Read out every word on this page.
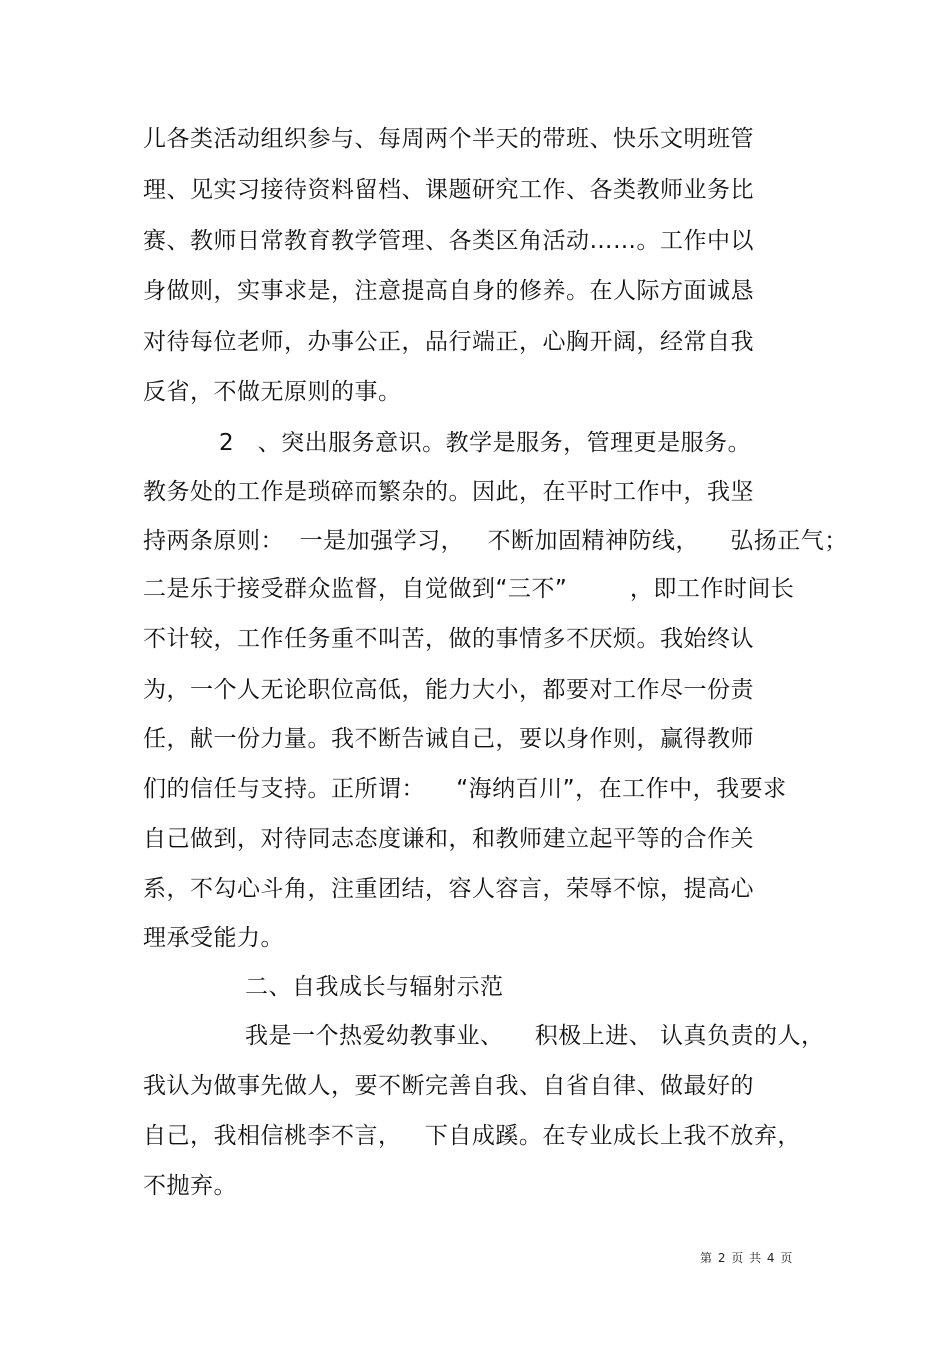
儿各类活动组织参与、每周两个半天的带班、快乐文明班管
理、见实习接待资料留档、课题研究工作、各类教师业务比
赛、教师日常教育教学管理、各类区角活动……。工作中以
身做则，实事求是，注意提高自身的修养。在人际方面诚恳
对待每位老师，办事公正，品行端正，心胸开阔，经常自我
反省，不做无原则的事。
2　、突出服务意识。教学是服务，管理更是服务。
教务处的工作是琐碎而繁杂的。因此，在平时工作中，我坚
持两条原则：  一是加强学习，   不断加固精神防线，    弘扬正气；
二是乐于接受群众监督，自觉做到“三不”        ，即工作时间长
不计较，工作任务重不叫苦，做的事情多不厌烦。我始终认
为，一个人无论职位高低，能力大小，都要对工作尽一份责
任，献一份力量。我不断告诫自己，要以身作则，赢得教师
们的信任与支持。正所谓：    “海纳百川”，在工作中，我要求
自己做到，对待同志态度谦和，和教师建立起平等的合作关
系，不勾心斗角，注重团结，容人容言，荣辱不惊，提高心
理承受能力。
二、自我成长与辐射示范
我是一个热爱幼教事业、    积极上进、 认真负责的人，
我认为做事先做人，要不断完善自我、自省自律、做最好的
自己，我相信桃李不言，   下自成蹊。在专业成长上我不放弃，
不抛弃。
第 2 页 共 4 页
